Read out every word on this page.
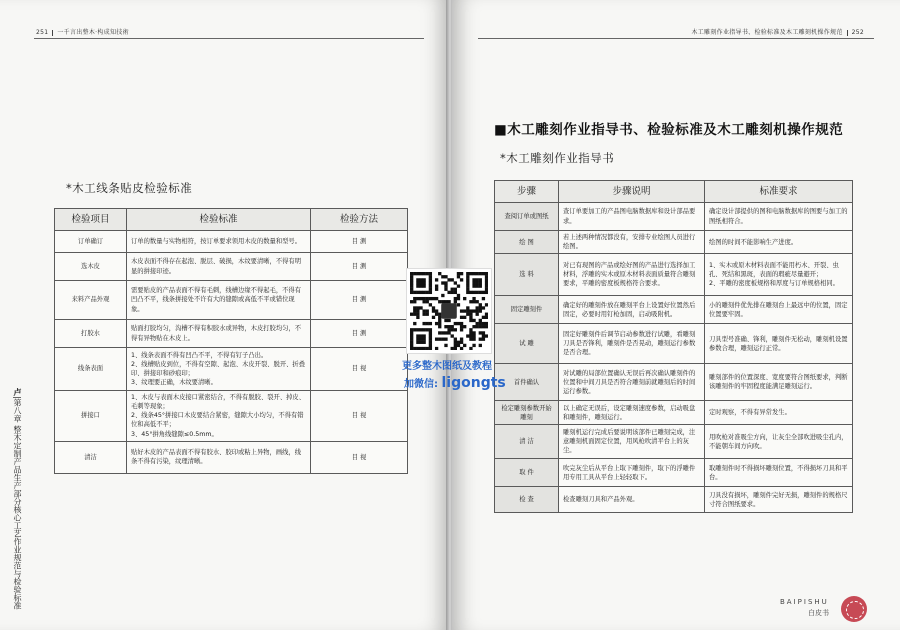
251 一千言出整木·构成知技術
*木工线条贴皮检验标准
检验项目	检验标准	检验方法
订单确订	订单的数量与实物相符，按订单要求领用木皮的数量和型号。	目 测
选木皮	木皮表面不得存在起泡、脱层、破损，木纹要清晰，不得有明显的拼接印迹。	目 测
来料产品外观	需要贴皮的产品表面不得有毛刺，线槽边缘不得起毛，不得有凹凸不平，线条拼接处不许有大的缝隙或高低不平或错位现象。	目 测
打胶水	贴面打胶均匀，沟槽不得有积胶水或异物，木皮打胶均匀，不得有异物贴在木皮上。	目 测
线条表面	1、线条表面不得有凹凸不平，不得有钉子凸出。
2、线槽贴皮到位，不得有空隙、起泡、木皮开裂、脱开、折叠印、拼接印和砂痕印；
3、纹理要正确，木纹要清晰。	目 视
拼接口	1、木皮与表面木皮接口紧密结合，不得有脱胶、裂开、掉皮、毛刺等现象；
2、线条45°拼接口木皮要结合紧密，缝隙大小均匀，不得有错位和高低不平；
3、45°拼角线缝隙≤0.5mm。	目 视
清洁	贴好木皮的产品表面不得有胶水、胶印或粘上异物，画线，线条不得有污染，纹理清晰。	目 视
卢|第八章 整木定制产品生产部分核心工艺作业规范与检验标准
木工雕刻作业指导书、检验标准及木工雕刻机操作规范 252
■木工雕刻作业指导书、检验标准及木工雕刻机操作规范
*木工雕刻作业指导书
步骤	步骤说明	标准要求
查阅订单或图纸	查订单要加工的产品图电脑数据库和设计部品要求。	确定设计部提供的图和电脑数据库的图要与加工的图纸相符合。
绘 图	若上述两种情况都没有，安排专业绘图人员进行绘图。	绘图的时间不能影响生产进度。
选 料	对已有现图的产品或绘好图的产品进行选择加工材料，浮雕的实木或原木材料表面质量符合雕刻要求，平雕的密度板规格符合要求。	1、实木或原木材料表面不能用朽木、开裂、虫孔、死结和黑斑，表面的瑕疵尽量避开；
2、平雕的密度板规格和厚度与订单规格相同。
固定雕刻件	确定好的雕刻件放在雕刻平台上设置好位置然后固定，必要时用钉枪加固，启动吸附机。	小的雕刻件优先排在雕刻台上最远中的位置，固定位置要牢固。
试 雕	固定好雕刻件后调节启动参数进行试雕，看雕刻刀具是否锋利，雕刻件是否晃动，雕刻运行参数是否合理。	刀具型号准确、锋利，雕刻件无松动，雕刻机设置参数合理，雕刻运行正常。
首件确认	对试雕的局部位置确认无误后再次确认雕刻件的位置和中间刀具是否符合雕刻前就雕刻后的时间运行参数。	雕刻部件的位置深度、宽度要符合图纸要求，判断该雕刻件的牢固程度能满足雕刻运行。
检定雕刻参数开始雕刻	以上确定无误后，设定雕刻速度参数，启动吸盘和雕刻件，雕刻运行。	定时观察，不得有异常发生。
清 洁	雕刻机运行完成后要说明该部件已雕刻完成，注意雕刻机面固定位置，用风枪吹清平台上的灰尘。	用吹枪对准吸尘方向，让灰尘全部吹进吸尘孔内，不能朝车间方向吹。
取 件	吹完灰尘后从平台上取下雕刻件，取下的浮雕件用专用工具从平台上轻轻取下。	取雕刻件时不得损坏雕刻位置，不得损坏刀具和平台。
检 查	检查雕刻刀具和产品外观。	刀具没有损坏，雕刻件完好无损，雕刻件的规格尺寸符合图纸要求。
BAIPISHU
白皮书
更多整木图纸及教程
加微信: ligongts
